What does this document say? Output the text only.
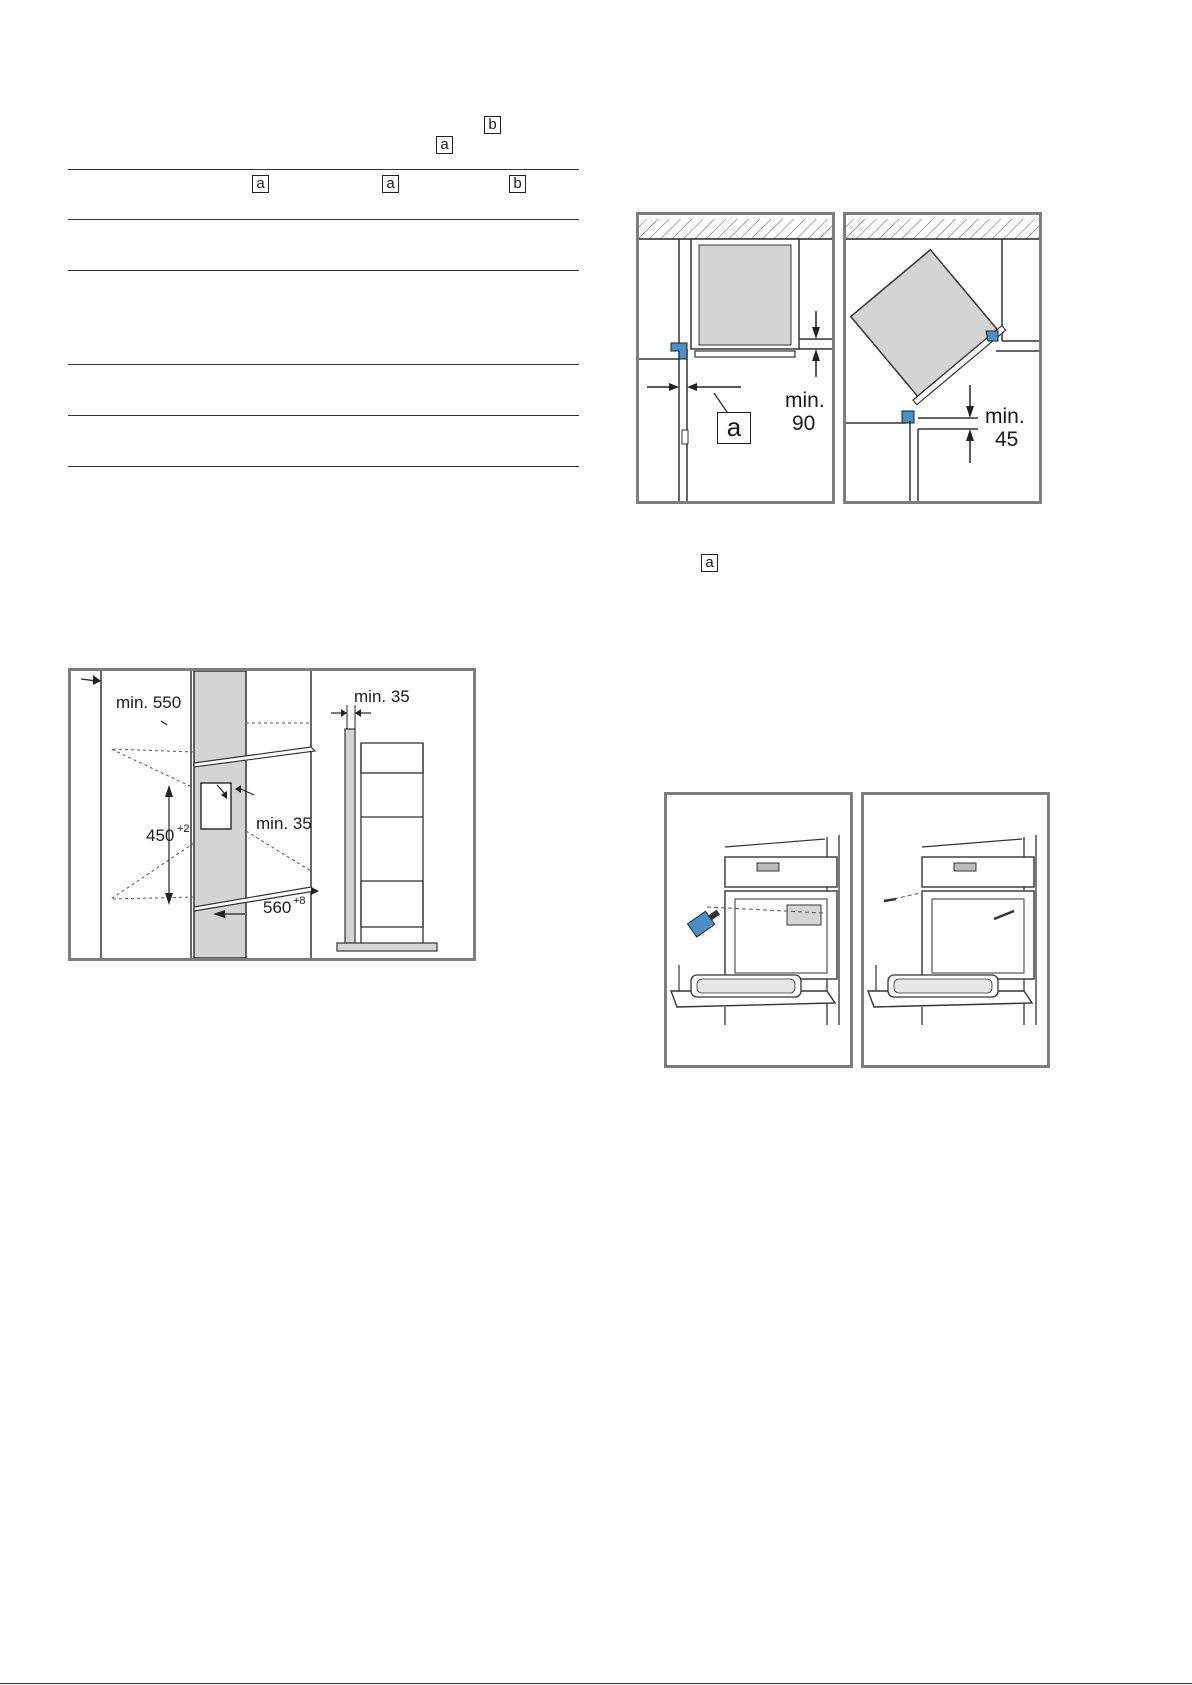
b
a
a	a	b
a
a
min.
90	min.
45
min. 550	min. 35
min. 35
450 +2
560 +8
